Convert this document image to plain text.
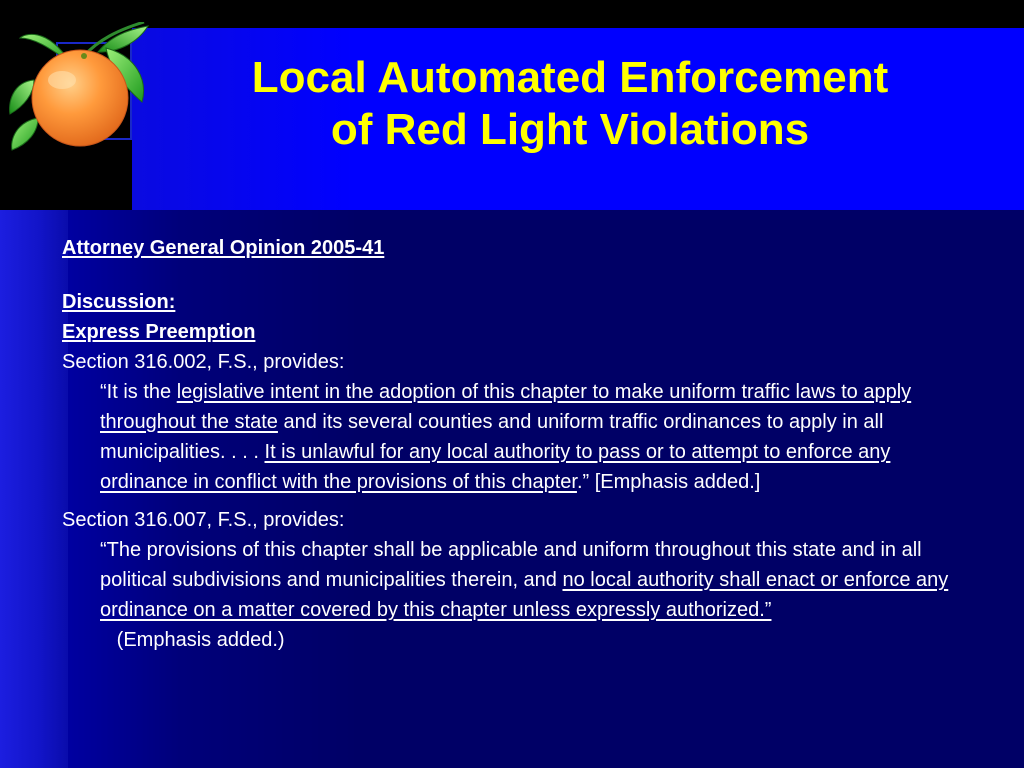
Local Automated Enforcement
of Red Light Violations
Attorney General Opinion 2005-41
Discussion:
Express Preemption
Section 316.002, F.S., provides:
“It is the legislative intent in the adoption of this chapter to make uniform traffic laws to apply throughout the state and its several counties and uniform traffic ordinances to apply in all municipalities. . . . It is unlawful for any local authority to pass or to attempt to enforce any ordinance in conflict with the provisions of this chapter.” [Emphasis added.]
Section 316.007, F.S., provides:
“The provisions of this chapter shall be applicable and uniform throughout this state and in all political subdivisions and municipalities therein, and no local authority shall enact or enforce any ordinance on a matter covered by this chapter unless expressly authorized.”   (Emphasis added.)
